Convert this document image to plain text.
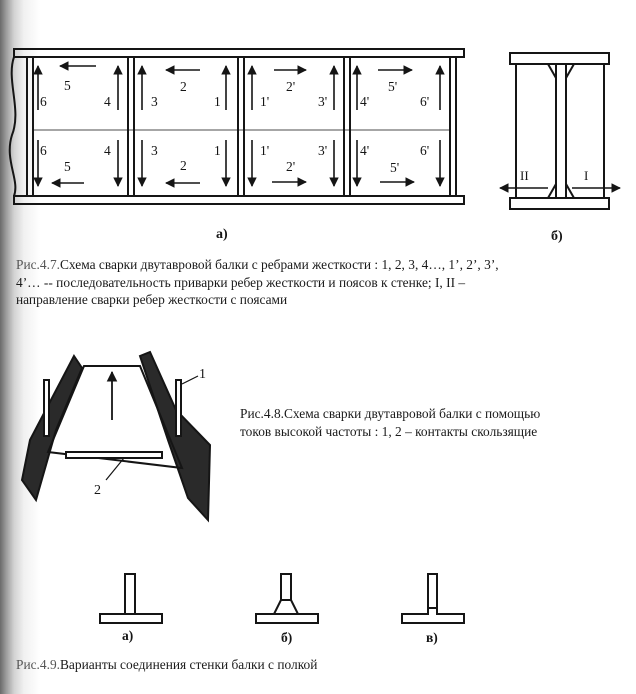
6
5
4
6
5
4
3
2
1
3
2
1
1'
2'
3'
1'
2'
3'
4'
5'
6'
4'
5'
6'
а)
II	I
б)
1
2
а)	б)	в)

Рис.4.7.Схема сварки двутавровой балки с ребрами жесткости : 1, 2, 3, 4…, 1’, 2’, 3’,
4’… -- последовательность приварки ребер жесткости и поясов к стенке; I, II –
направление сварки ребер жесткости с поясами

Рис.4.8.Схема сварки двутавровой балки с помощью
токов высокой частоты : 1, 2 – контакты скользящие

Рис.4.9.Варианты соединения стенки балки с полкой
